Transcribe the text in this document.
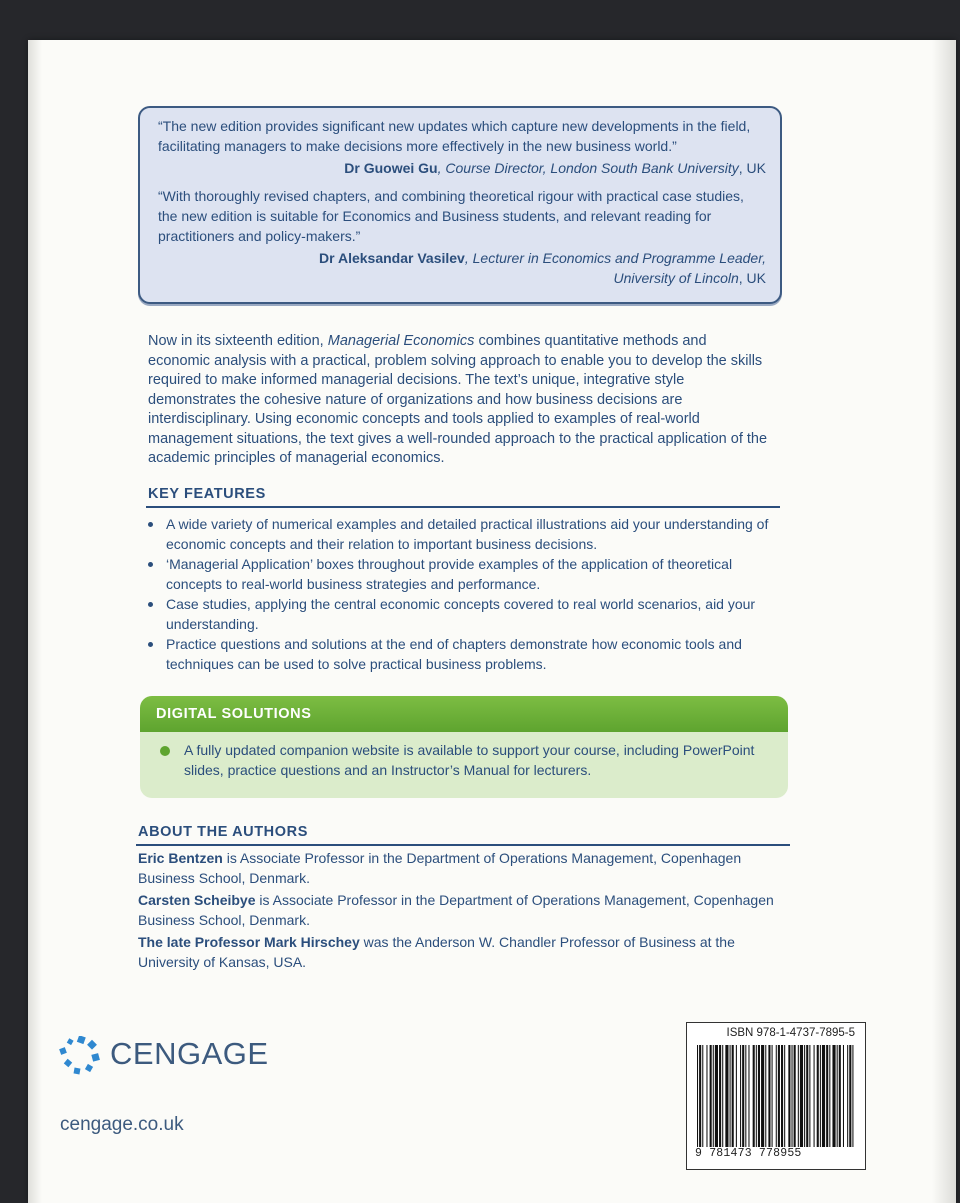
“The new edition provides significant new updates which capture new developments in the field, facilitating managers to make decisions more effectively in the new business world.”

Dr Guowei Gu, Course Director, London South Bank University, UK

“With thoroughly revised chapters, and combining theoretical rigour with practical case studies, the new edition is suitable for Economics and Business students, and relevant reading for practitioners and policy-makers.”

Dr Aleksandar Vasilev, Lecturer in Economics and Programme Leader,
University of Lincoln, UK

Now in its sixteenth edition, Managerial Economics combines quantitative methods and economic analysis with a practical, problem solving approach to enable you to develop the skills required to make informed managerial decisions. The text’s unique, integrative style demonstrates the cohesive nature of organizations and how business decisions are interdisciplinary. Using economic concepts and tools applied to examples of real-world management situations, the text gives a well-rounded approach to the practical application of the academic principles of managerial economics.

KEY FEATURES
A wide variety of numerical examples and detailed practical illustrations aid your understanding of economic concepts and their relation to important business decisions.
‘Managerial Application’ boxes throughout provide examples of the application of theoretical concepts to real-world business strategies and performance.
Case studies, applying the central economic concepts covered to real world scenarios, aid your understanding.
Practice questions and solutions at the end of chapters demonstrate how economic tools and techniques can be used to solve practical business problems.
DIGITAL SOLUTIONS
A fully updated companion website is available to support your course, including PowerPoint slides, practice questions and an Instructor’s Manual for lecturers.
ABOUT THE AUTHORS

Eric Bentzen is Associate Professor in the Department of Operations Management, Copenhagen Business School, Denmark.

Carsten Scheibye is Associate Professor in the Department of Operations Management, Copenhagen Business School, Denmark.

The late Professor Mark Hirschey was the Anderson W. Chandler Professor of Business at the University of Kansas, USA.

CENGAGE
cengage.co.uk
ISBN 978-1-4737-7895-5
9 781473 778955
